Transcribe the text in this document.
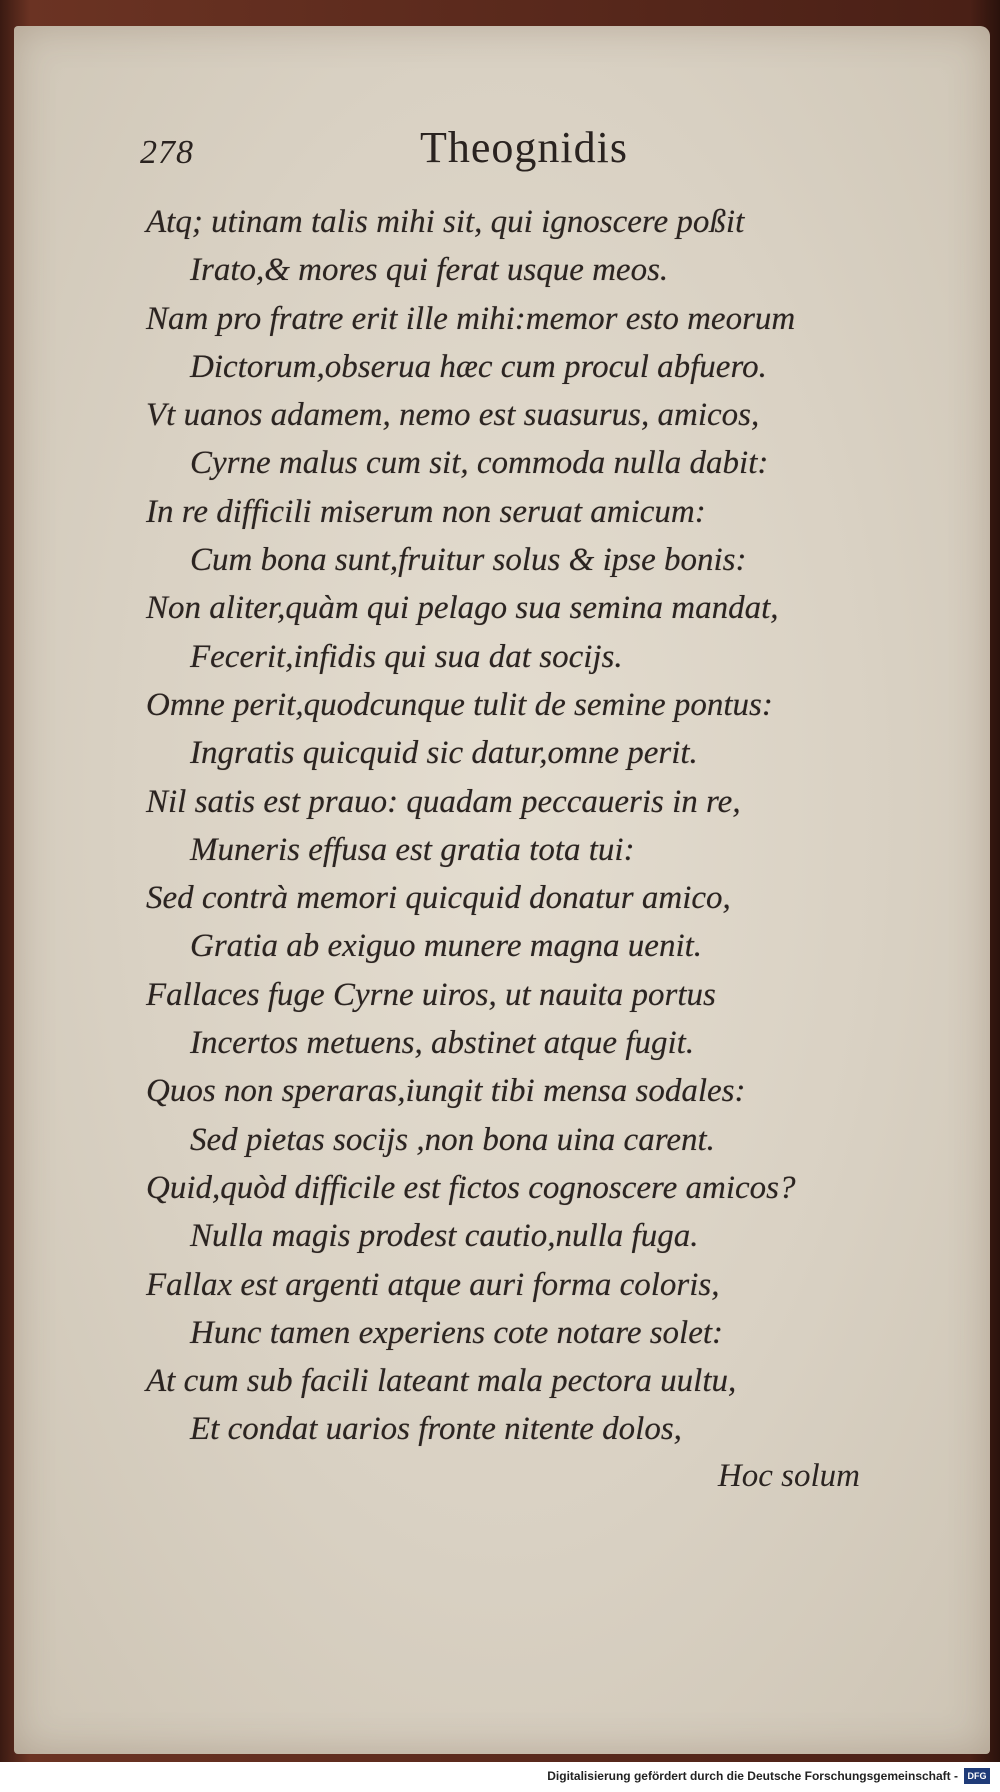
278	Theognidis
Atq; utinam talis mihi sit, qui ignoscere poßit
Irato,& mores qui ferat usque meos.
Nam pro fratre erit ille mihi:memor esto meorum
Dictorum,obserua hæc cum procul abfuero.
Vt uanos adamem, nemo est suasurus, amicos,
Cyrne malus cum sit, commoda nulla dabit:
In re difficili miserum non seruat amicum:
Cum bona sunt,fruitur solus & ipse bonis:
Non aliter,quàm qui pelago sua semina mandat,
Fecerit,infidis qui sua dat socijs.
Omne perit,quodcunque tulit de semine pontus:
Ingratis quicquid sic datur,omne perit.
Nil satis est prauo: quadam peccaueris in re,
Muneris effusa est gratia tota tui:
Sed contrà memori quicquid donatur amico,
Gratia ab exiguo munere magna uenit.
Fallaces fuge Cyrne uiros, ut nauita portus
Incertos metuens, abstinet atque fugit.
Quos non speraras,iungit tibi mensa sodales:
Sed pietas socijs ,non bona uina carent.
Quid,quòd difficile est fictos cognoscere amicos?
Nulla magis prodest cautio,nulla fuga.
Fallax est argenti atque auri forma coloris,
Hunc tamen experiens cote notare solet:
At cum sub facili lateant mala pectora uultu,
Et condat uarios fronte nitente dolos,
Hoc solum
Digitalisierung gefördert durch die Deutsche Forschungsgemeinschaft -	DFG
